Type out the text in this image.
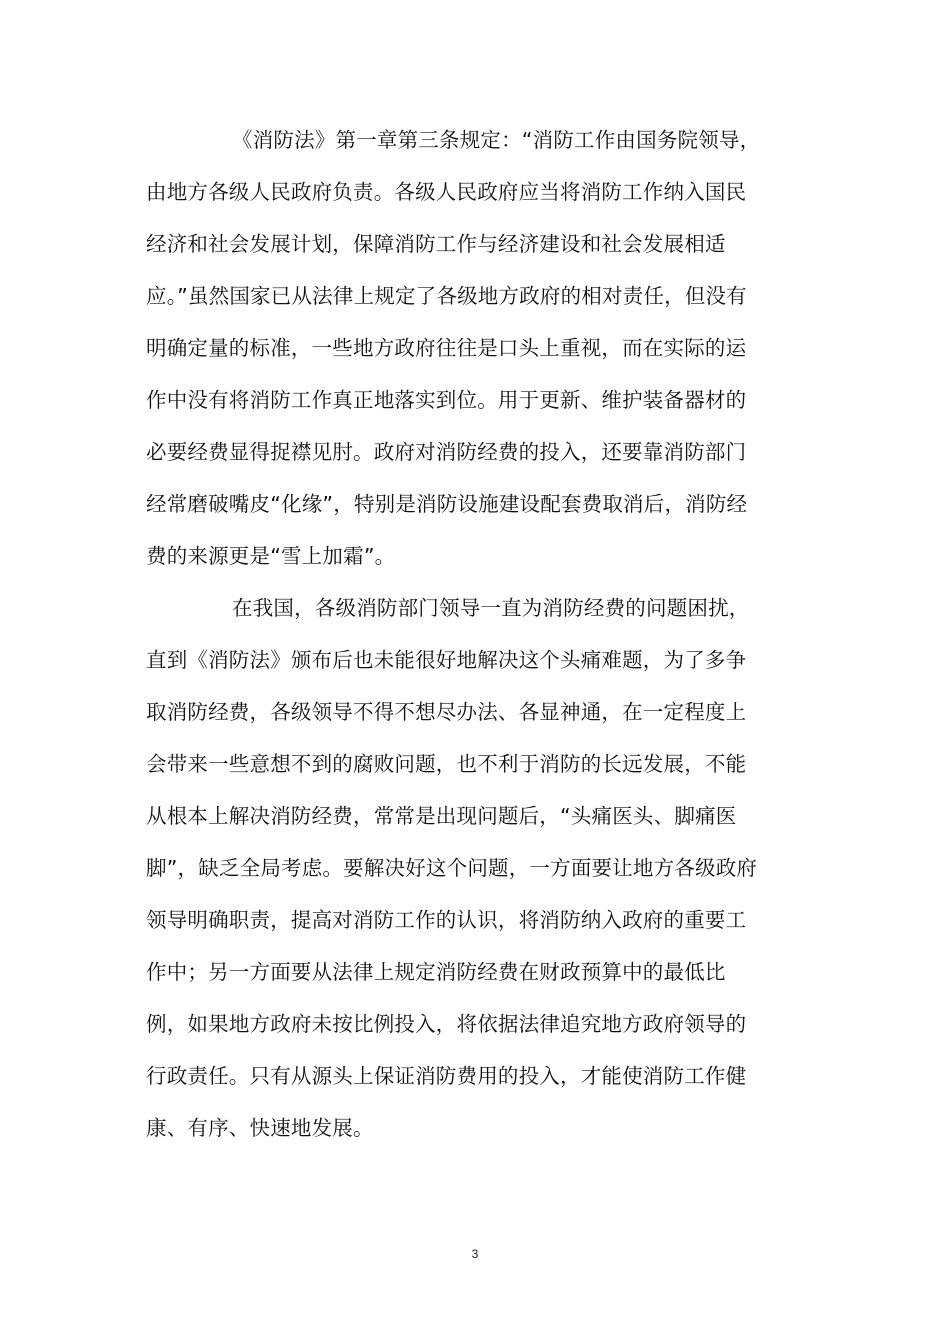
《消防法》第一章第三条规定：“消防工作由国务院领导，
由地方各级人民政府负责。各级人民政府应当将消防工作纳入国民
经济和社会发展计划，保障消防工作与经济建设和社会发展相适
应。”虽然国家已从法律上规定了各级地方政府的相对责任，但没有
明确定量的标准，一些地方政府往往是口头上重视，而在实际的运
作中没有将消防工作真正地落实到位。用于更新、维护装备器材的
必要经费显得捉襟见肘。政府对消防经费的投入，还要靠消防部门
经常磨破嘴皮“化缘”，特别是消防设施建设配套费取消后，消防经
费的来源更是“雪上加霜”。
在我国，各级消防部门领导一直为消防经费的问题困扰，
直到《消防法》颁布后也未能很好地解决这个头痛难题，为了多争
取消防经费，各级领导不得不想尽办法、各显神通，在一定程度上
会带来一些意想不到的腐败问题，也不利于消防的长远发展，不能
从根本上解决消防经费，常常是出现问题后，“头痛医头、脚痛医
脚”，缺乏全局考虑。要解决好这个问题，一方面要让地方各级政府
领导明确职责，提高对消防工作的认识，将消防纳入政府的重要工
作中；另一方面要从法律上规定消防经费在财政预算中的最低比
例，如果地方政府未按比例投入，将依据法律追究地方政府领导的
行政责任。只有从源头上保证消防费用的投入，才能使消防工作健
康、有序、快速地发展。
3
